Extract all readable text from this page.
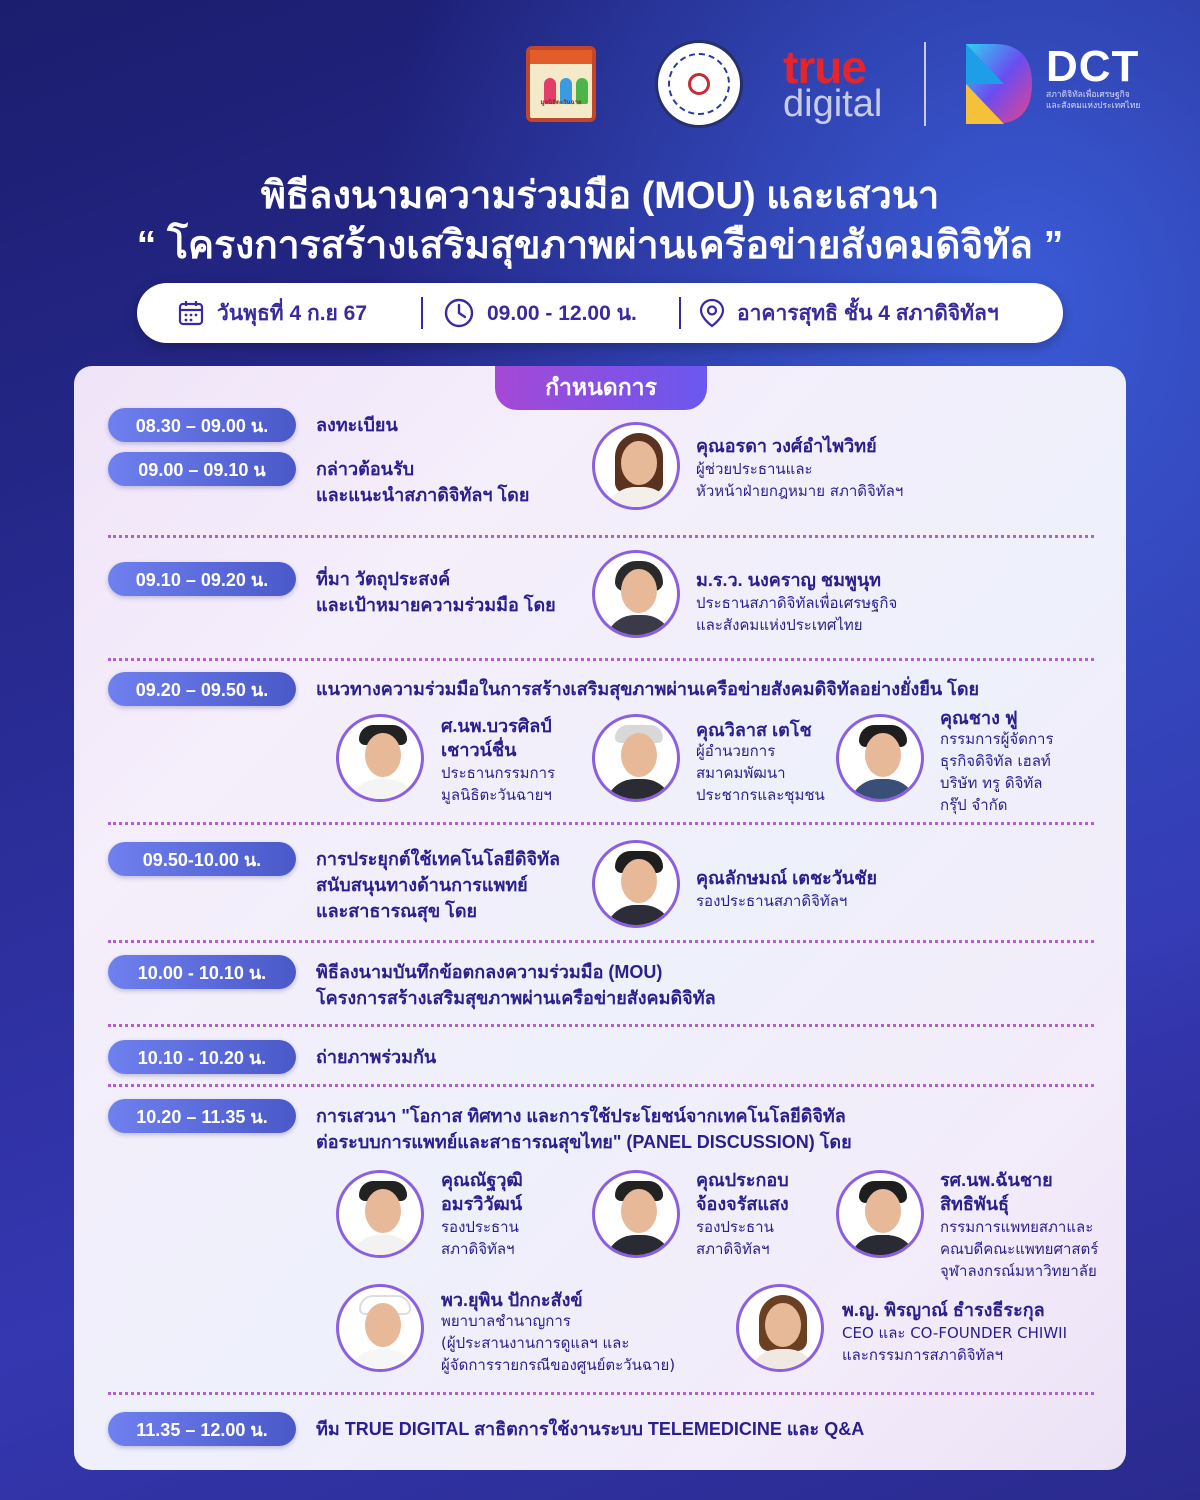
มูลนิธิตะวันฉาย
true
digital
DCT
สภาดิจิทัลเพื่อเศรษฐกิจ
และสังคมแห่งประเทศไทย
พิธีลงนามความร่วมมือ (MOU) และเสวนา
“ โครงการสร้างเสริมสุขภาพผ่านเครือข่ายสังคมดิจิทัล ”
วันพุธที่ 4 ก.ย 67	09.00 - 12.00 น.	อาคารสุทธิ ชั้น 4 สภาดิจิทัลฯ
กำหนดการ
08.30 – 09.00 น.	ลงทะเบียน
09.00 – 09.10 น	กล่าวต้อนรับ
และแนะนำสภาดิจิทัลฯ โดย
คุณอรดา วงศ์อำไพวิทย์
ผู้ช่วยประธานและ
หัวหน้าฝ่ายกฎหมาย สภาดิจิทัลฯ
09.10 – 09.20 น.	ที่มา วัตถุประสงค์
และเป้าหมายความร่วมมือ โดย
ม.ร.ว. นงคราญ ชมพูนุท
ประธานสภาดิจิทัลเพื่อเศรษฐกิจ
และสังคมแห่งประเทศไทย
09.20 – 09.50 น.	แนวทางความร่วมมือในการสร้างเสริมสุขภาพผ่านเครือข่ายสังคมดิจิทัลอย่างยั่งยืน โดย
ศ.นพ.บวรศิลป์
เชาวน์ชื่น
ประธานกรรมการ
มูลนิธิตะวันฉายฯ
คุณวิลาส เตโช
ผู้อำนวยการ
สมาคมพัฒนา
ประชากรและชุมชน
คุณชาง ฟู
กรรมการผู้จัดการ
ธุรกิจดิจิทัล เฮลท์
บริษัท ทรู ดิจิทัล
กรุ๊ป จำกัด
09.50-10.00 น.	การประยุกต์ใช้เทคโนโลยีดิจิทัล
สนับสนุนทางด้านการแพทย์
และสาธารณสุข โดย
คุณลักษมณ์ เตชะวันชัย
รองประธานสภาดิจิทัลฯ
10.00 - 10.10 น.	พิธีลงนามบันทึกข้อตกลงความร่วมมือ (MOU)
โครงการสร้างเสริมสุขภาพผ่านเครือข่ายสังคมดิจิทัล
10.10 - 10.20 น.	ถ่ายภาพร่วมกัน
10.20 – 11.35 น.	การเสวนา "โอกาส ทิศทาง และการใช้ประโยชน์จากเทคโนโลยีดิจิทัล
ต่อระบบการแพทย์และสาธารณสุขไทย" (PANEL DISCUSSION) โดย
คุณณัฐวุฒิ
อมรวิวัฒน์
รองประธาน
สภาดิจิทัลฯ
คุณประกอบ
จ้องจรัสแสง
รองประธาน
สภาดิจิทัลฯ
รศ.นพ.ฉันชาย
สิทธิพันธุ์
กรรมการแพทยสภาและ
คณบดีคณะแพทยศาสตร์
จุฬาลงกรณ์มหาวิทยาลัย
พว.ยุพิน ปักกะสังข์
พยาบาลชำนาญการ
(ผู้ประสานงานการดูแลฯ และ
ผู้จัดการรายกรณีของศูนย์ตะวันฉาย)
พ.ญ. พิรญาณ์ ธำรงธีระกุล
CEO และ CO-FOUNDER CHIWII
และกรรมการสภาดิจิทัลฯ
11.35 – 12.00 น.	ทีม TRUE DIGITAL สาธิตการใช้งานระบบ TELEMEDICINE และ Q&A
